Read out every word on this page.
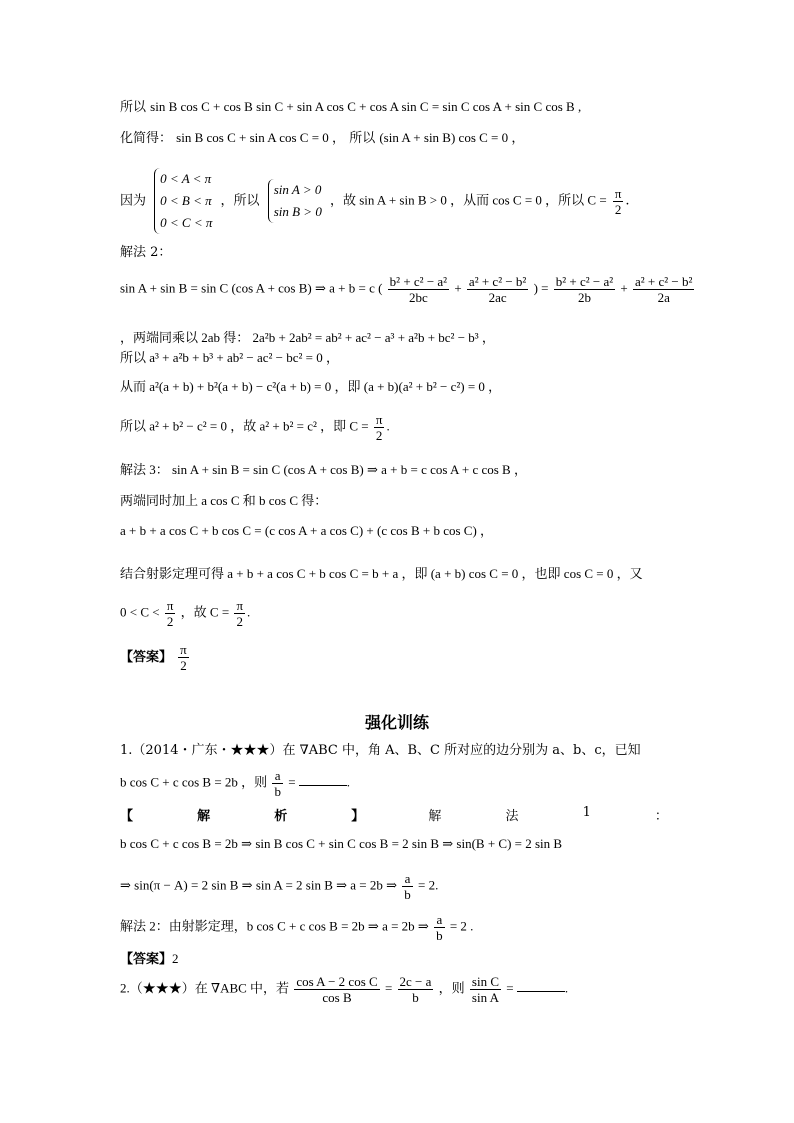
所以 sin B cos C + cos B sin C + sin A cos C + cos A sin C = sin C cos A + sin C cos B ,
化简得： sin B cos C + sin A cos C = 0 ， 所以 (sin A + sin B) cos C = 0 ，
因为
0 < A < π
0 < B < π
0 < C < π
，所以
sin A > 0
sin B > 0
，故 sin A + sin B > 0 ，从而 cos C = 0 ，所以 $C = \frac{\pi}{2}$ .
解法 2：
sin A + sin B = sin C (cos A + cos B) ⇒ a + b = c ( $\frac{\text{b² + c² − a²}}{2bc} + \frac{\text{a² + c² − b²}}{2ac}$ ) = $\frac{\text{b² + c² − a²}}{2b} + \frac{\text{a² + c² − b²}}{2a}$
，两端同乘以 2ab 得： 2a²b + 2ab² = ab² + ac² − a³ + a²b + bc² − b³ ，
所以 a³ + a²b + b³ + ab² − ac² − bc² = 0 ，
从而 a²(a + b) + b²(a + b) − c²(a + b) = 0 ，即 (a + b)(a² + b² − c²) = 0 ，
所以 a² + b² − c² = 0 ，故 a² + b² = c² ，即 $C = \frac{\pi}{2}$ .
解法 3： sin A + sin B = sin C (cos A + cos B) ⇒ a + b = c cos A + c cos B ，
两端同时加上 a cos C 和 b cos C 得：
a + b + a cos C + b cos C = (c cos A + a cos C) + (c cos B + b cos C) ，
结合射影定理可得 a + b + a cos C + b cos C = b + a ，即 (a + b) cos C = 0 ，也即 cos C = 0 ，又
$0 < C < \frac{\pi}{2}$ ，故 $C = \frac{\pi}{2}$ .
【答案】 $\frac{\pi}{2}$
强化训练
1.（2014・广东・★★★）在 ∇ABC 中，角 A、B、C 所对应的边分别为 a、b、c，已知
b cos C + c cos B = 2b ，则 $\frac{a}{b}$ =	.
【	解	析	】	解	法	1	：
b cos C + c cos B = 2b ⇒ sin B cos C + sin C cos B = 2 sin B ⇒ sin(B + C) = 2 sin B
⇒ sin(π − A) = 2 sin B ⇒ sin A = 2 sin B ⇒ a = 2b ⇒ $\frac{a}{b} = 2$.
解法 2：由射影定理，b cos C + c cos B = 2b ⇒ a = 2b ⇒ $\frac{a}{b} = 2$ .
【答案】2
2.（★★★）在 ∇ABC 中，若 $\frac{\text{cos A − 2 cos C}}{\text{cos B}} = \frac{2c - a}{b}$ ，则 $\frac{\text{sin C}}{\text{sin A}}$ =	.
